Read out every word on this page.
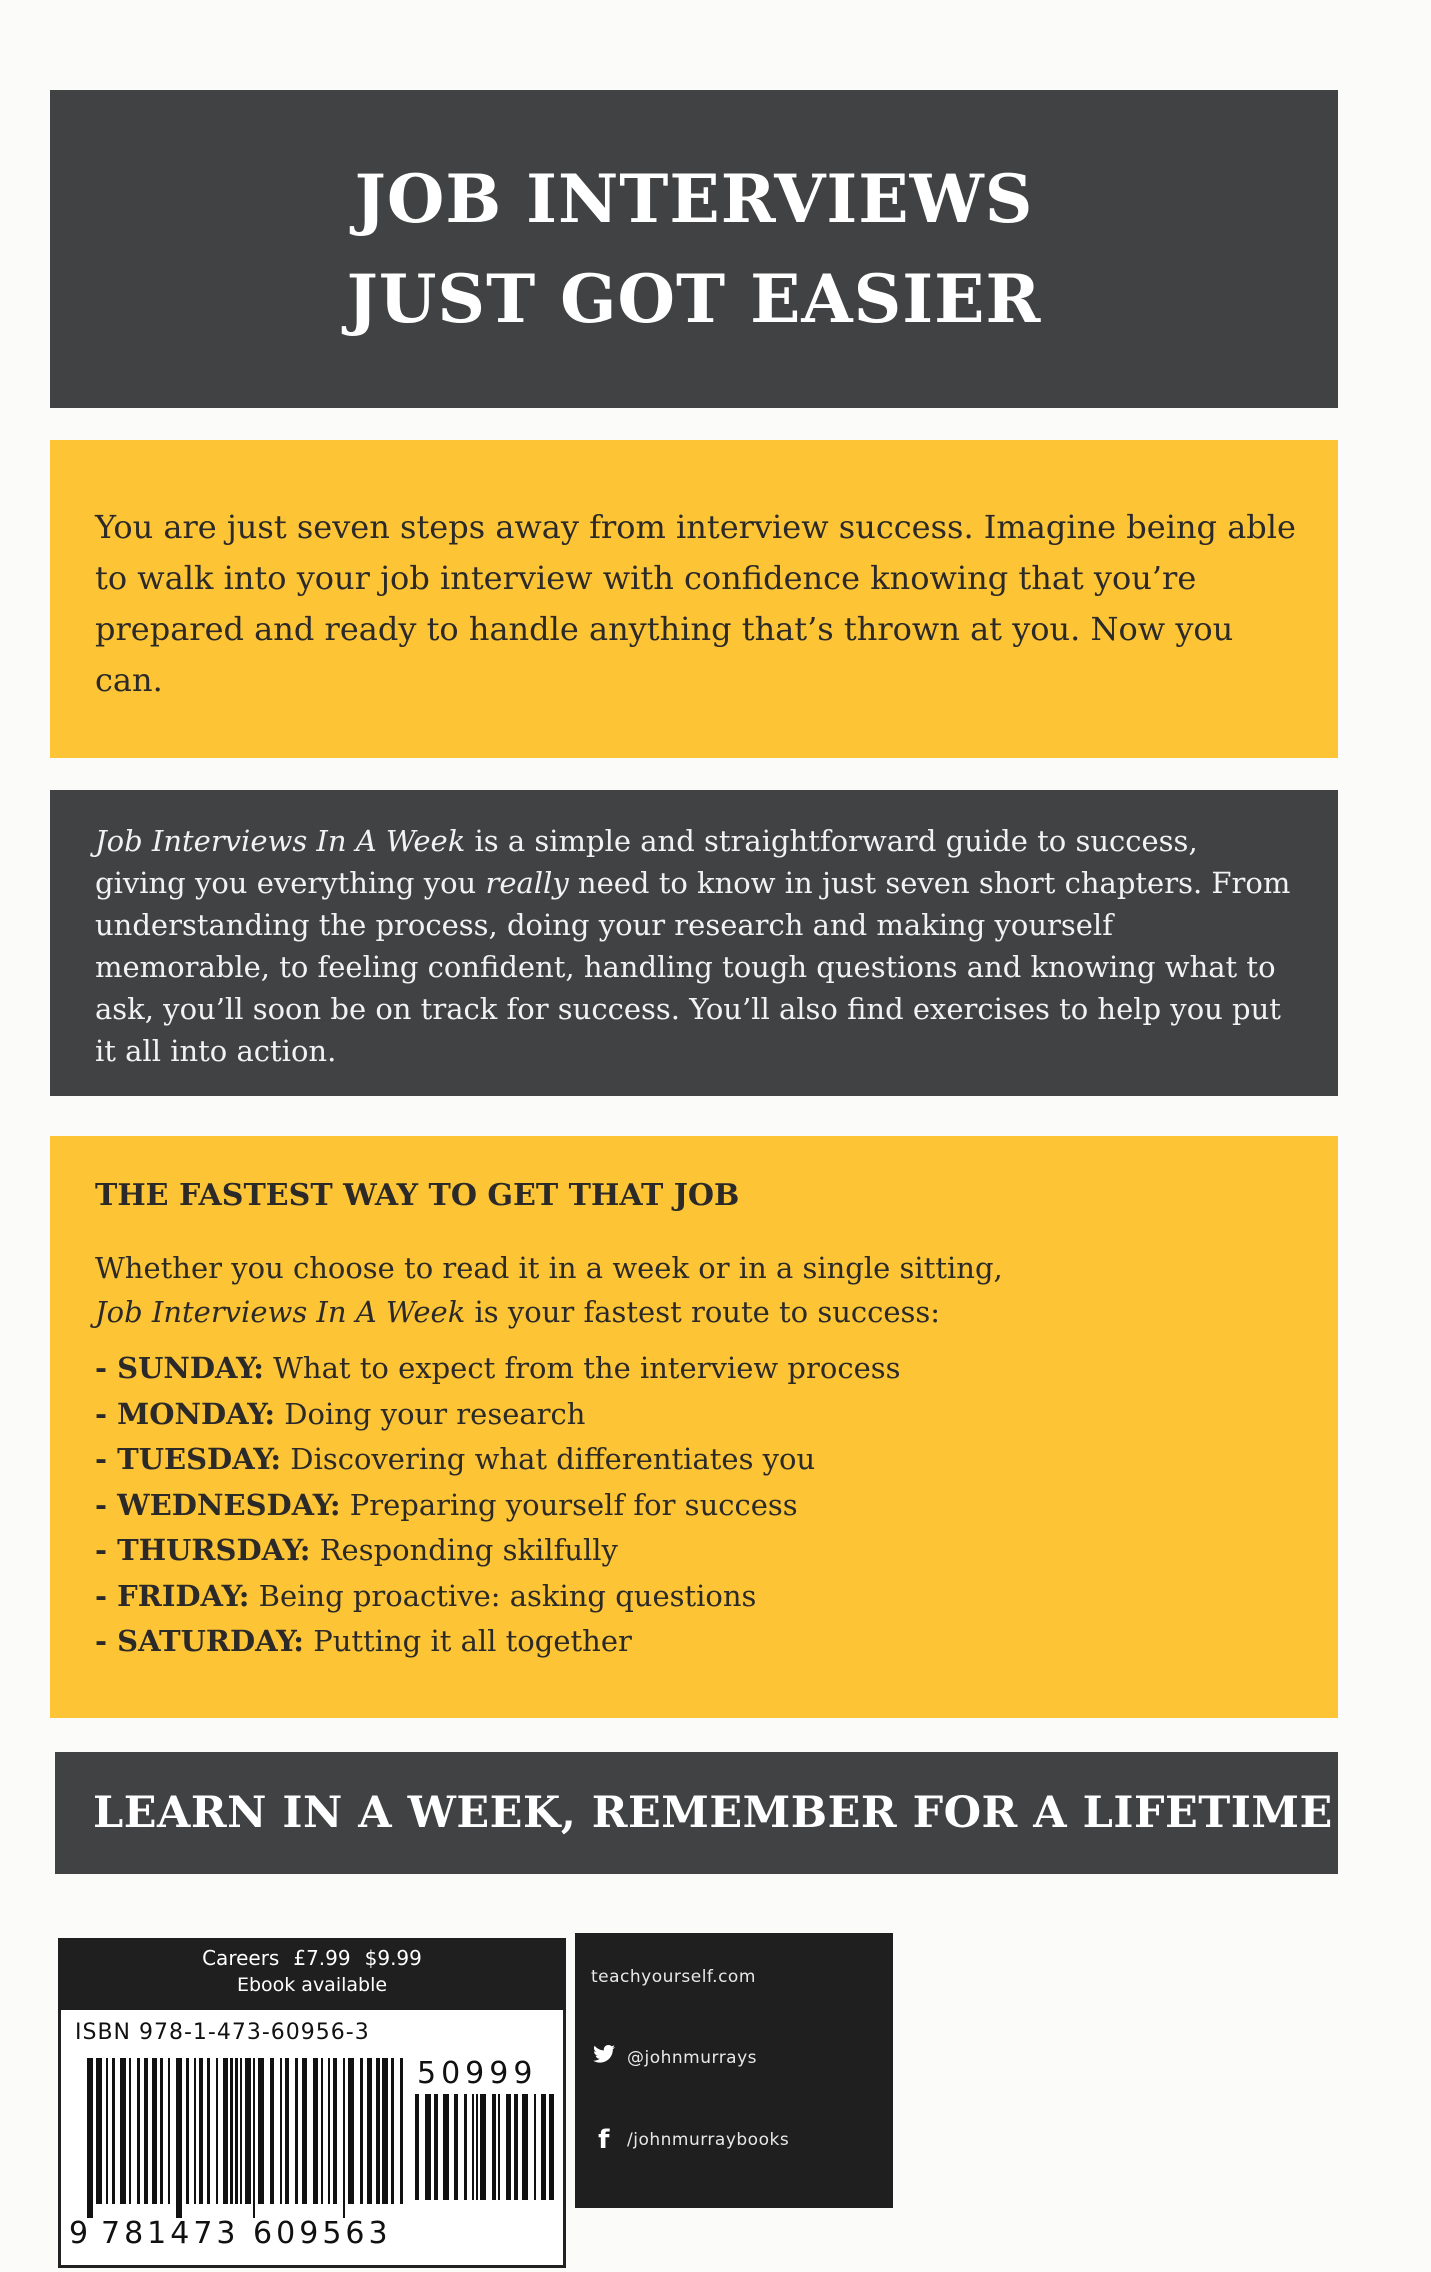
JOB INTERVIEWS
JUST GOT EASIER

You are just seven steps away from interview success. Imagine being able to walk into your job interview with confidence knowing that you’re prepared and ready to handle anything that’s thrown at you. Now you can.

Job Interviews In A Week is a simple and straightforward guide to success, giving you everything you really need to know in just seven short chapters. From understanding the process, doing your research and making yourself memorable, to feeling confident, handling tough questions and knowing what to ask, you’ll soon be on track for success. You’ll also find exercises to help you put it all into action.

THE FASTEST WAY TO GET THAT JOB
Whether you choose to read it in a week or in a single sitting,
Job Interviews In A Week is your fastest route to success:
- SUNDAY: What to expect from the interview process
- MONDAY: Doing your research
- TUESDAY: Discovering what differentiates you
- WEDNESDAY: Preparing yourself for success
- THURSDAY: Responding skilfully
- FRIDAY: Being proactive: asking questions
- SATURDAY: Putting it all together
LEARN IN A WEEK, REMEMBER FOR A LIFETIME
Careers £7.99 $9.99
Ebook available
ISBN 978-1-473-60956-3
9 781473 609563
50999
teachyourself.com
@johnmurrays
f	/johnmurraybooks
